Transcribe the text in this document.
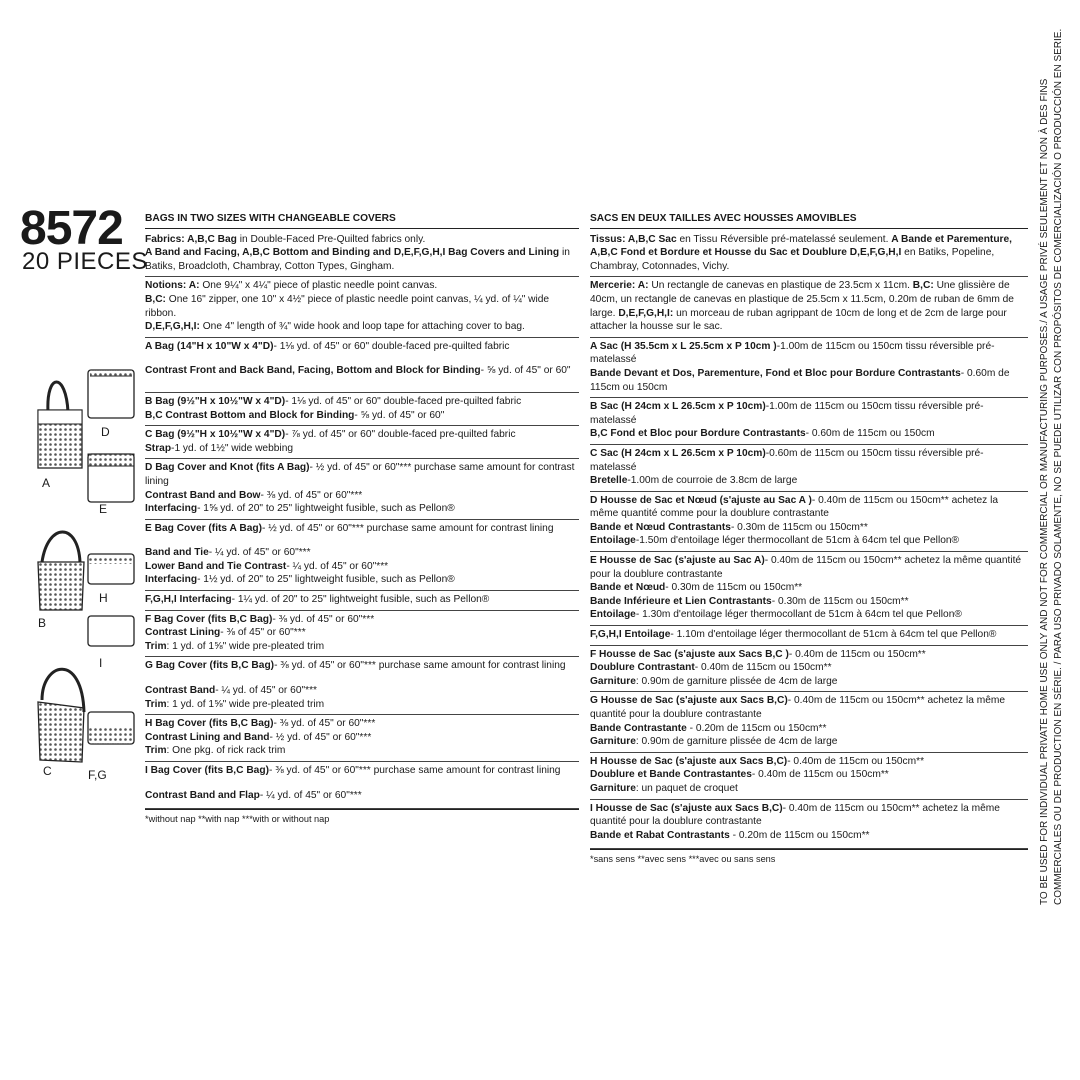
8572
20 PIECES
D
A
E
H
B
I
C	F,G
BAGS IN TWO SIZES WITH CHANGEABLE COVERS
Fabrics: A,B,C Bag in Double-Faced Pre-Quilted fabrics only.
A Band and Facing, A,B,C Bottom and Binding and D,E,F,G,H,I Bag Covers and Lining in
Batiks, Broadcloth, Chambray, Cotton Types, Gingham.
Notions: A: One 9¼" x 4¼" piece of plastic needle point canvas.
B,C: One 16" zipper, one 10" x 4½" piece of plastic needle point canvas, ¼ yd. of ¼" wide ribbon.
D,E,F,G,H,I: One 4" length of ¾" wide hook and loop tape for attaching cover to bag.
A Bag (14"H x 10"W x 4"D)- 1⅛ yd. of 45" or 60" double-faced pre-quilted fabric
Contrast Front and Back Band, Facing, Bottom and Block for Binding- ⅝ yd. of 45" or 60"
B Bag (9½"H x 10½"W x 4"D)- 1⅛ yd. of 45" or 60" double-faced pre-quilted fabric
B,C Contrast Bottom and Block for Binding- ⅝ yd. of 45" or 60"
C Bag (9½"H x 10½"W x 4"D)- ⅞ yd. of 45" or 60" double-faced pre-quilted fabric
Strap-1 yd. of 1½" wide webbing
D Bag Cover and Knot (fits A Bag)- ½ yd. of 45" or 60"*** purchase same amount for contrast lining
Contrast Band and Bow- ⅜ yd. of 45" or 60"***
Interfacing- 1⅝ yd. of 20" to 25" lightweight fusible, such as Pellon®
E Bag Cover (fits A Bag)- ½ yd. of 45" or 60"*** purchase same amount for contrast lining
Band and Tie- ¼ yd. of 45" or 60"***
Lower Band and Tie Contrast- ¼ yd. of 45" or 60"***
Interfacing- 1½ yd. of 20" to 25" lightweight fusible, such as Pellon®
F,G,H,I Interfacing- 1¼ yd. of 20" to 25" lightweight fusible, such as Pellon®
F Bag Cover (fits B,C Bag)- ⅜ yd. of 45" or 60"***
Contrast Lining- ⅜ of 45" or 60"***
Trim: 1 yd. of 1⅝" wide pre-pleated trim
G Bag Cover (fits B,C Bag)- ⅜ yd. of 45" or 60"*** purchase same amount for contrast lining
Contrast Band- ¼ yd. of 45" or 60"***
Trim: 1 yd. of 1⅝" wide pre-pleated trim
H Bag Cover (fits B,C Bag)- ⅜ yd. of 45" or 60"***
Contrast Lining and Band- ½ yd. of 45" or 60"***
Trim: One pkg. of rick rack trim
I Bag Cover (fits B,C Bag)- ⅜ yd. of 45" or 60"*** purchase same amount for contrast lining
Contrast Band and Flap- ¼ yd. of 45" or 60"***
*without nap **with nap ***with or without nap
SACS EN DEUX TAILLES AVEC HOUSSES AMOVIBLES
Tissus: A,B,C Sac en Tissu Réversible pré-matelassé seulement. A Bande et Parementure,
A,B,C Fond et Bordure et Housse du Sac et Doublure D,E,F,G,H,I en Batiks, Popeline,
Chambray, Cotonnades, Vichy.
Mercerie: A: Un rectangle de canevas en plastique de 23.5cm x 11cm. B,C: Une glissière de
40cm, un rectangle de canevas en plastique de 25.5cm x 11.5cm, 0.20m de ruban de 6mm de
large. D,E,F,G,H,I: un morceau de ruban agrippant de 10cm de long et de 2cm de large pour
attacher la housse sur le sac.
A Sac (H 35.5cm x L 25.5cm x P 10cm )-1.00m de 115cm ou 150cm tissu réversible pré-
matelassé
Bande Devant et Dos, Parementure, Fond et Bloc pour Bordure Contrastants- 0.60m de
115cm ou 150cm
B Sac (H 24cm x L 26.5cm x P 10cm)-1.00m de 115cm ou 150cm tissu réversible pré-matelassé
B,C Fond et Bloc pour Bordure Contrastants- 0.60m de 115cm ou 150cm
C Sac (H 24cm x L 26.5cm x P 10cm)-0.60m de 115cm ou 150cm tissu réversible pré-matelassé
Bretelle-1.00m de courroie de 3.8cm de large
D Housse de Sac et Nœud (s'ajuste au Sac A )- 0.40m de 115cm ou 150cm** achetez la
même quantité comme pour la doublure contrastante
Bande et Nœud Contrastants- 0.30m de 115cm ou 150cm**
Entoilage-1.50m d'entoilage léger thermocollant de 51cm à 64cm tel que Pellon®
E Housse de Sac (s'ajuste au Sac A)- 0.40m de 115cm ou 150cm** achetez la même quantité
pour la doublure contrastante
Bande et Nœud- 0.30m de 115cm ou 150cm**
Bande Inférieure et Lien Contrastants- 0.30m de 115cm ou 150cm**
Entoilage- 1.30m d'entoilage léger thermocollant de 51cm à 64cm tel que Pellon®
F,G,H,I Entoilage- 1.10m d'entoilage léger thermocollant de 51cm à 64cm tel que Pellon®
F Housse de Sac (s'ajuste aux Sacs B,C )- 0.40m de 115cm ou 150cm**
Doublure Contrastant- 0.40m de 115cm ou 150cm**
Garniture: 0.90m de garniture plissée de 4cm de large
G Housse de Sac (s'ajuste aux Sacs B,C)- 0.40m de 115cm ou 150cm** achetez la même
quantité pour la doublure contrastante
Bande Contrastante - 0.20m de 115cm ou 150cm**
Garniture: 0.90m de garniture plissée de 4cm de large
H Housse de Sac (s'ajuste aux Sacs B,C)- 0.40m de 115cm ou 150cm**
Doublure et Bande Contrastantes- 0.40m de 115cm ou 150cm**
Garniture: un paquet de croquet
I Housse de Sac (s'ajuste aux Sacs B,C)- 0.40m de 115cm ou 150cm** achetez la même
quantité pour la doublure contrastante
Bande et Rabat Contrastants - 0.20m de 115cm ou 150cm**
*sans sens **avec sens ***avec ou sans sens	TO BE USED FOR INDIVIDUAL PRIVATE HOME USE ONLY AND NOT FOR COMMERCIAL OR MANUFACTURING PURPOSES./ A USAGE PRIVÉ SEULEMENT ET NON À DES FINS COMMERCIALES OU DE PRODUCTION EN SÉRIE. / PARA USO PRIVADO SOLAMENTE, NO SE PUEDE UTILIZAR CON PROPÓSITOS DE COMERCIALIZACIÓN O PRODUCCIÓN EN SERIE.
